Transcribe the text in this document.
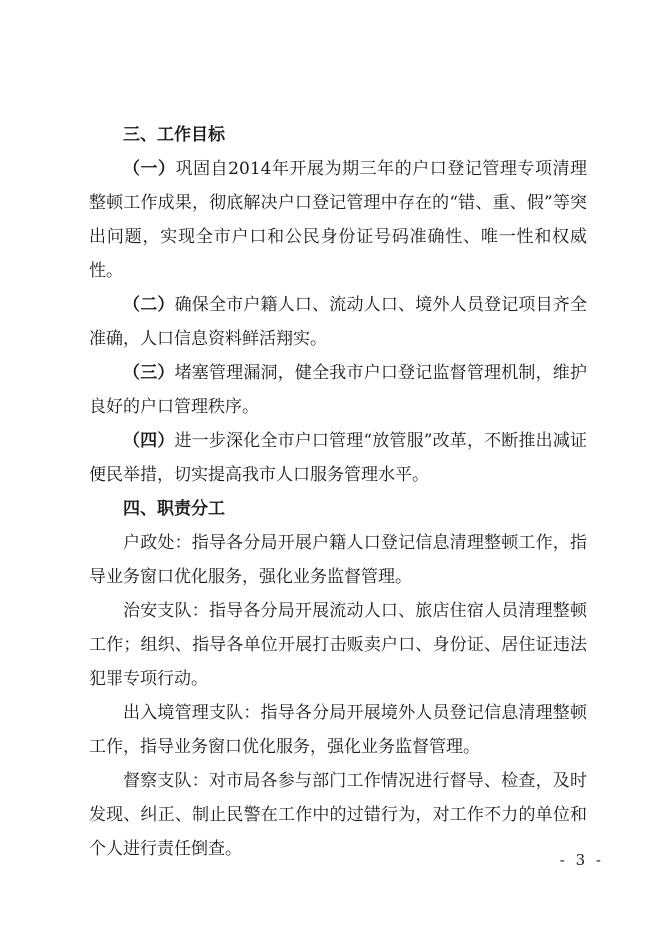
三、工作目标

（一）巩固自2014年开展为期三年的户口登记管理专项清理整顿工作成果，彻底解决户口登记管理中存在的“错、重、假”等突出问题，实现全市户口和公民身份证号码准确性、唯一性和权威性。

（二）确保全市户籍人口、流动人口、境外人员登记项目齐全准确，人口信息资料鲜活翔实。

（三）堵塞管理漏洞，健全我市户口登记监督管理机制，维护良好的户口管理秩序。

（四）进一步深化全市户口管理“放管服”改革，不断推出减证便民举措，切实提高我市人口服务管理水平。

四、职责分工

户政处：指导各分局开展户籍人口登记信息清理整顿工作，指导业务窗口优化服务，强化业务监督管理。

治安支队：指导各分局开展流动人口、旅店住宿人员清理整顿工作；组织、指导各单位开展打击贩卖户口、身份证、居住证违法犯罪专项行动。

出入境管理支队：指导各分局开展境外人员登记信息清理整顿工作，指导业务窗口优化服务，强化业务监督管理。

督察支队：对市局各参与部门工作情况进行督导、检查，及时发现、纠正、制止民警在工作中的过错行为，对工作不力的单位和个人进行责任倒查。

- 3 -
